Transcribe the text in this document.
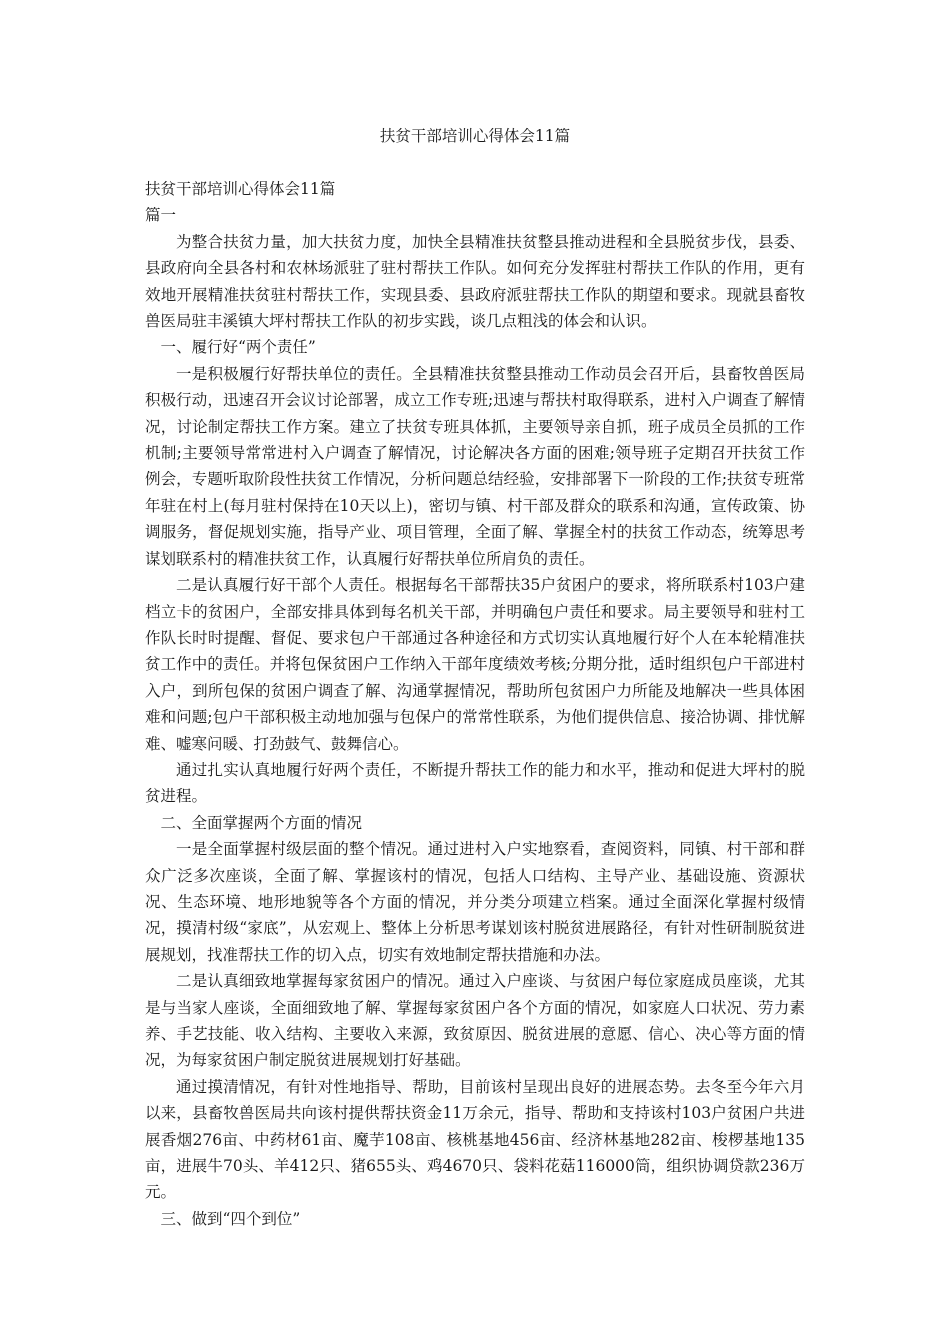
扶贫干部培训心得体会11篇

扶贫干部培训心得体会11篇

篇一

为整合扶贫力量，加大扶贫力度，加快全县精准扶贫整县推动进程和全县脱贫步伐，县委、县政府向全县各村和农林场派驻了驻村帮扶工作队。如何充分发挥驻村帮扶工作队的作用，更有效地开展精准扶贫驻村帮扶工作，实现县委、县政府派驻帮扶工作队的期望和要求。现就县畜牧兽医局驻丰溪镇大坪村帮扶工作队的初步实践，谈几点粗浅的体会和认识。

一、履行好“两个责任”

一是积极履行好帮扶单位的责任。全县精准扶贫整县推动工作动员会召开后，县畜牧兽医局积极行动，迅速召开会议讨论部署，成立工作专班;迅速与帮扶村取得联系，进村入户调查了解情况，讨论制定帮扶工作方案。建立了扶贫专班具体抓，主要领导亲自抓，班子成员全员抓的工作机制;主要领导常常进村入户调查了解情况，讨论解决各方面的困难;领导班子定期召开扶贫工作例会，专题听取阶段性扶贫工作情况，分析问题总结经验，安排部署下一阶段的工作;扶贫专班常年驻在村上(每月驻村保持在10天以上)，密切与镇、村干部及群众的联系和沟通，宣传政策、协调服务，督促规划实施，指导产业、项目管理，全面了解、掌握全村的扶贫工作动态，统筹思考谋划联系村的精准扶贫工作，认真履行好帮扶单位所肩负的责任。

二是认真履行好干部个人责任。根据每名干部帮扶35户贫困户的要求，将所联系村103户建档立卡的贫困户，全部安排具体到每名机关干部，并明确包户责任和要求。局主要领导和驻村工作队长时时提醒、督促、要求包户干部通过各种途径和方式切实认真地履行好个人在本轮精准扶贫工作中的责任。并将包保贫困户工作纳入干部年度绩效考核;分期分批，适时组织包户干部进村入户，到所包保的贫困户调查了解、沟通掌握情况，帮助所包贫困户力所能及地解决一些具体困难和问题;包户干部积极主动地加强与包保户的常常性联系，为他们提供信息、接洽协调、排忧解难、嘘寒问暖、打劲鼓气、鼓舞信心。

通过扎实认真地履行好两个责任，不断提升帮扶工作的能力和水平，推动和促进大坪村的脱贫进程。

二、全面掌握两个方面的情况

一是全面掌握村级层面的整个情况。通过进村入户实地察看，查阅资料，同镇、村干部和群众广泛多次座谈，全面了解、掌握该村的情况，包括人口结构、主导产业、基础设施、资源状况、生态环境、地形地貌等各个方面的情况，并分类分项建立档案。通过全面深化掌握村级情况，摸清村级“家底”，从宏观上、整体上分析思考谋划该村脱贫进展路径，有针对性研制脱贫进展规划，找准帮扶工作的切入点，切实有效地制定帮扶措施和办法。

二是认真细致地掌握每家贫困户的情况。通过入户座谈、与贫困户每位家庭成员座谈，尤其是与当家人座谈，全面细致地了解、掌握每家贫困户各个方面的情况，如家庭人口状况、劳力素养、手艺技能、收入结构、主要收入来源，致贫原因、脱贫进展的意愿、信心、决心等方面的情况，为每家贫困户制定脱贫进展规划打好基础。

通过摸清情况，有针对性地指导、帮助，目前该村呈现出良好的进展态势。去冬至今年六月以来，县畜牧兽医局共向该村提供帮扶资金11万余元，指导、帮助和支持该村103户贫困户共进展香烟276亩、中药材61亩、魔芋108亩、核桃基地456亩、经济林基地282亩、梭椤基地135亩，进展牛70头、羊412只、猪655头、鸡4670只、袋料花菇116000筒，组织协调贷款236万元。

三、做到“四个到位”
